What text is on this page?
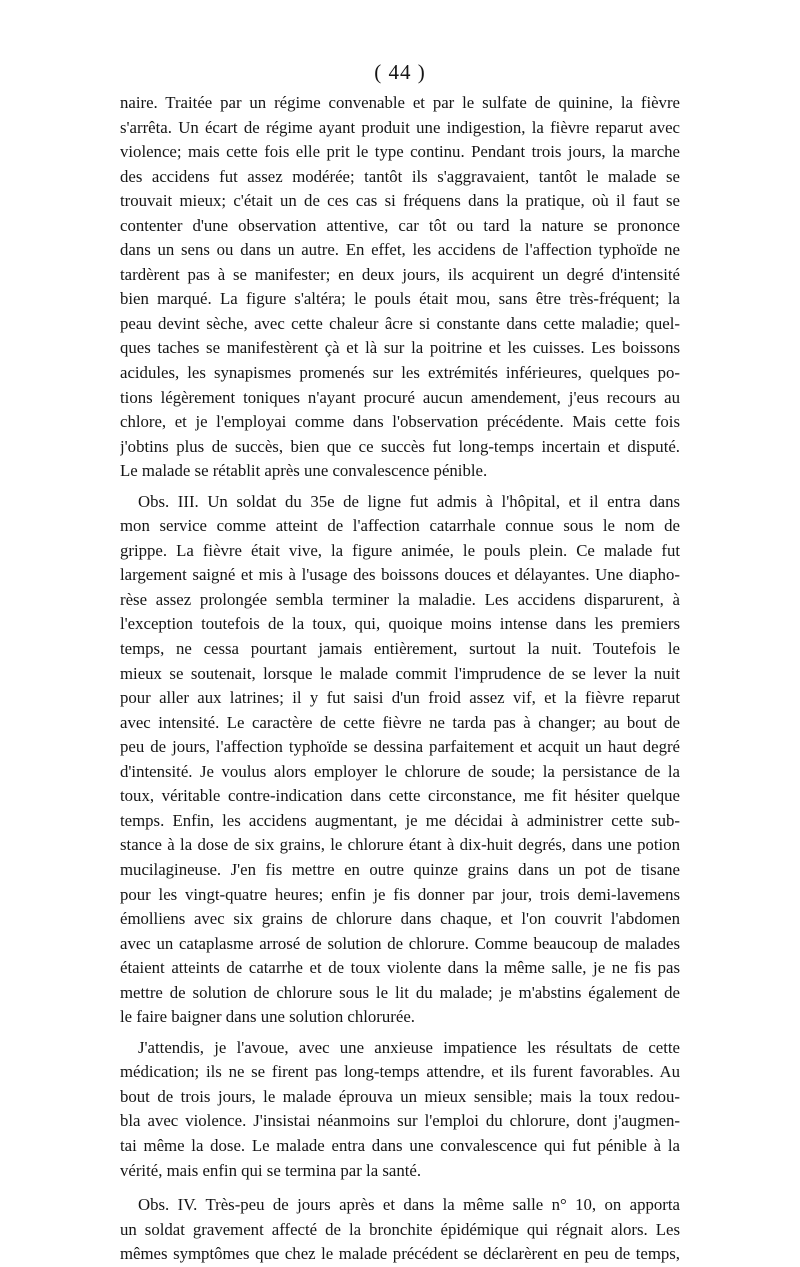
( 44 )
naire. Traitée par un régime convenable et par le sulfate de quinine, la fièvre
s'arrêta. Un écart de régime ayant produit une indigestion, la fièvre reparut avec
violence; mais cette fois elle prit le type continu. Pendant trois jours, la marche
des accidens fut assez modérée; tantôt ils s'aggravaient, tantôt le malade se
trouvait mieux; c'était un de ces cas si fréquens dans la pratique, où il faut se
contenter d'une observation attentive, car tôt ou tard la nature se prononce
dans un sens ou dans un autre. En effet, les accidens de l'affection typhoïde ne
tardèrent pas à se manifester; en deux jours, ils acquirent un degré d'intensité
bien marqué. La figure s'altéra; le pouls était mou, sans être très-fréquent; la
peau devint sèche, avec cette chaleur âcre si constante dans cette maladie; quel-
ques taches se manifestèrent çà et là sur la poitrine et les cuisses. Les boissons
acidules, les synapismes promenés sur les extrémités inférieures, quelques po-
tions légèrement toniques n'ayant procuré aucun amendement, j'eus recours au
chlore, et je l'employai comme dans l'observation précédente. Mais cette fois
j'obtins plus de succès, bien que ce succès fut long-temps incertain et disputé.
Le malade se rétablit après une convalescence pénible.
Obs. III. Un soldat du 35e de ligne fut admis à l'hôpital, et il entra dans
mon service comme atteint de l'affection catarrhale connue sous le nom de
grippe. La fièvre était vive, la figure animée, le pouls plein. Ce malade fut
largement saigné et mis à l'usage des boissons douces et délayantes. Une diapho-
rèse assez prolongée sembla terminer la maladie. Les accidens disparurent, à
l'exception toutefois de la toux, qui, quoique moins intense dans les premiers
temps, ne cessa pourtant jamais entièrement, surtout la nuit. Toutefois le
mieux se soutenait, lorsque le malade commit l'imprudence de se lever la nuit
pour aller aux latrines; il y fut saisi d'un froid assez vif, et la fièvre reparut
avec intensité. Le caractère de cette fièvre ne tarda pas à changer; au bout de
peu de jours, l'affection typhoïde se dessina parfaitement et acquit un haut degré
d'intensité. Je voulus alors employer le chlorure de soude; la persistance de la
toux, véritable contre-indication dans cette circonstance, me fit hésiter quelque
temps. Enfin, les accidens augmentant, je me décidai à administrer cette sub-
stance à la dose de six grains, le chlorure étant à dix-huit degrés, dans une potion
mucilagineuse. J'en fis mettre en outre quinze grains dans un pot de tisane
pour les vingt-quatre heures; enfin je fis donner par jour, trois demi-lavemens
émolliens avec six grains de chlorure dans chaque, et l'on couvrit l'abdomen
avec un cataplasme arrosé de solution de chlorure. Comme beaucoup de malades
étaient atteints de catarrhe et de toux violente dans la même salle, je ne fis pas
mettre de solution de chlorure sous le lit du malade; je m'abstins également de
le faire baigner dans une solution chlorurée.
J'attendis, je l'avoue, avec une anxieuse impatience les résultats de cette
médication; ils ne se firent pas long-temps attendre, et ils furent favorables. Au
bout de trois jours, le malade éprouva un mieux sensible; mais la toux redou-
bla avec violence. J'insistai néanmoins sur l'emploi du chlorure, dont j'augmen-
tai même la dose. Le malade entra dans une convalescence qui fut pénible à la
vérité, mais enfin qui se termina par la santé.
Obs. IV. Très-peu de jours après et dans la même salle n° 10, on apporta
un soldat gravement affecté de la bronchite épidémique qui régnait alors. Les
mêmes symptômes que chez le malade précédent se déclarèrent en peu de temps,
